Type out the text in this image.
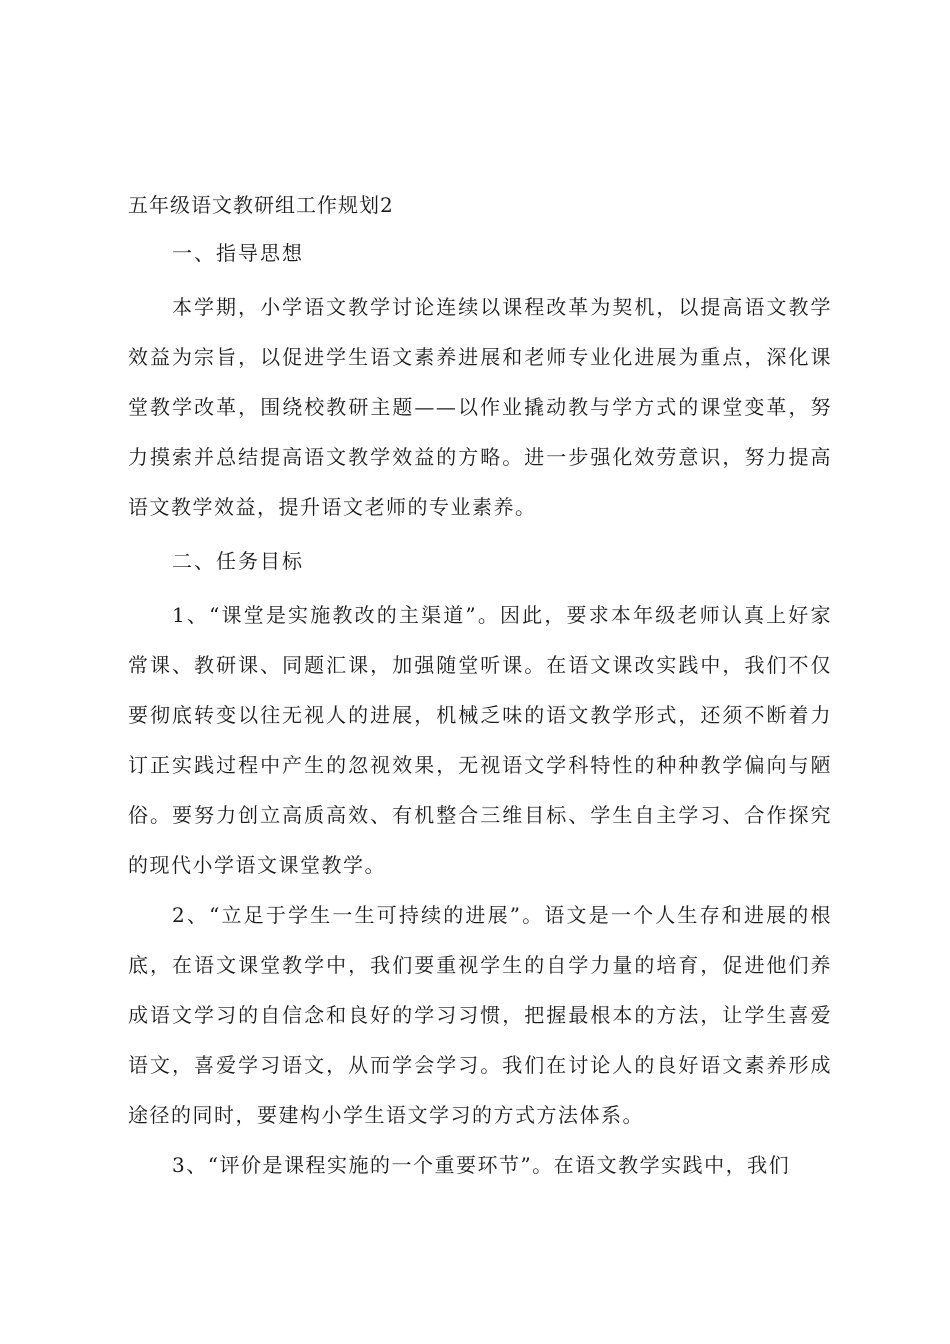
五年级语文教研组工作规划2
一、指导思想

本学期，小学语文教学讨论连续以课程改革为契机，以提高语文教学效益为宗旨，以促进学生语文素养进展和老师专业化进展为重点，深化课堂教学改革，围绕校教研主题——以作业撬动教与学方式的课堂变革，努力摸索并总结提高语文教学效益的方略。进一步强化效劳意识，努力提高语文教学效益，提升语文老师的专业素养。

二、任务目标

1、“课堂是实施教改的主渠道”。因此，要求本年级老师认真上好家常课、教研课、同题汇课，加强随堂听课。在语文课改实践中，我们不仅要彻底转变以往无视人的进展，机械乏味的语文教学形式，还须不断着力订正实践过程中产生的忽视效果，无视语文学科特性的种种教学偏向与陋俗。要努力创立高质高效、有机整合三维目标、学生自主学习、合作探究的现代小学语文课堂教学。

2、“立足于学生一生可持续的进展”。语文是一个人生存和进展的根底，在语文课堂教学中，我们要重视学生的自学力量的培育，促进他们养成语文学习的自信念和良好的学习习惯，把握最根本的方法，让学生喜爱语文，喜爱学习语文，从而学会学习。我们在讨论人的良好语文素养形成途径的同时，要建构小学生语文学习的方式方法体系。

3、“评价是课程实施的一个重要环节”。在语文教学实践中，我们
